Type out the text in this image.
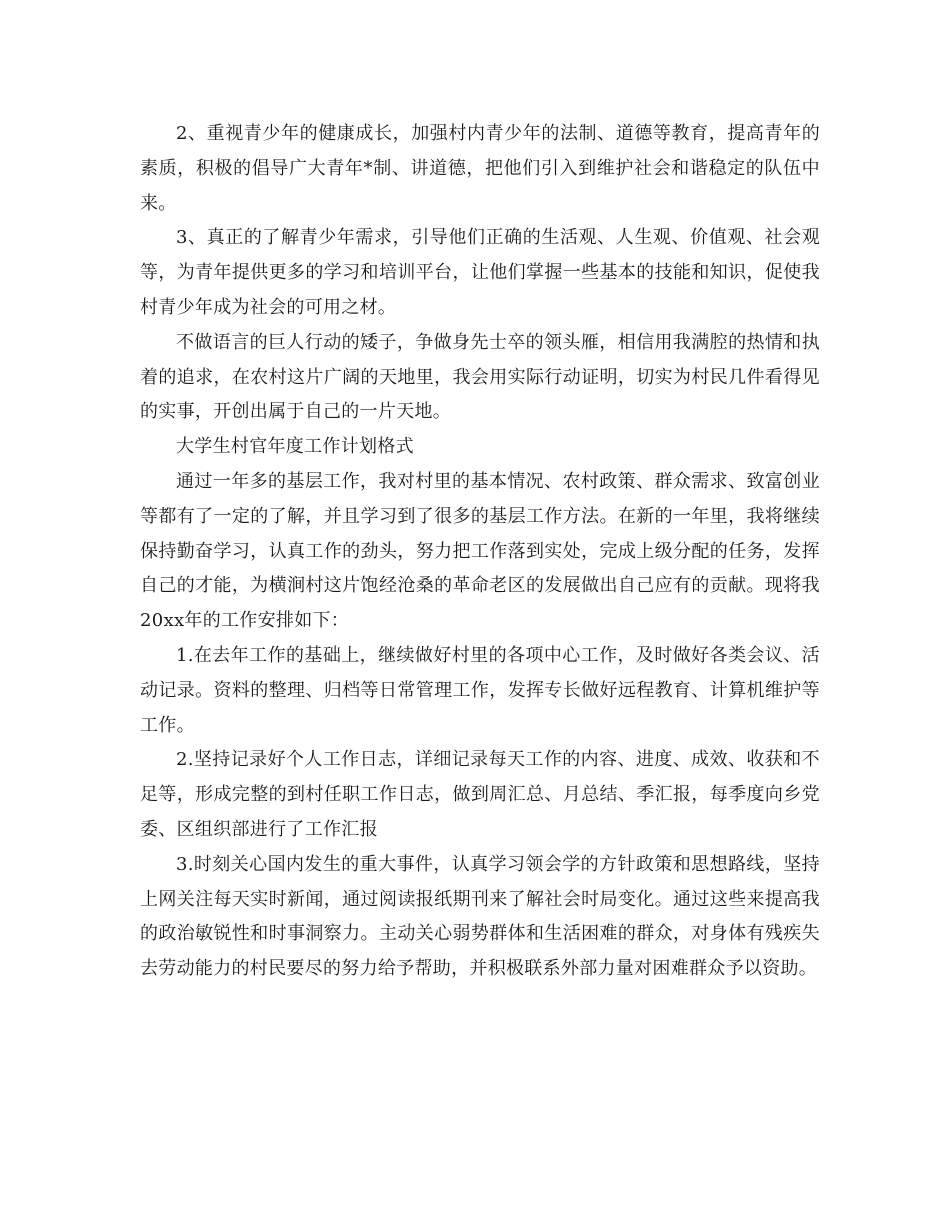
2、重视青少年的健康成长，加强村内青少年的法制、道德等教育，提高青年的素质，积极的倡导广大青年*制、讲道德，把他们引入到维护社会和谐稳定的队伍中来。

3、真正的了解青少年需求，引导他们正确的生活观、人生观、价值观、社会观等，为青年提供更多的学习和培训平台，让他们掌握一些基本的技能和知识，促使我村青少年成为社会的可用之材。

不做语言的巨人行动的矮子，争做身先士卒的领头雁，相信用我满腔的热情和执着的追求，在农村这片广阔的天地里，我会用实际行动证明，切实为村民几件看得见的实事，开创出属于自己的一片天地。

大学生村官年度工作计划格式

通过一年多的基层工作，我对村里的基本情况、农村政策、群众需求、致富创业等都有了一定的了解，并且学习到了很多的基层工作方法。在新的一年里，我将继续保持勤奋学习，认真工作的劲头，努力把工作落到实处，完成上级分配的任务，发挥自己的才能，为横涧村这片饱经沧桑的革命老区的发展做出自己应有的贡献。现将我20xx年的工作安排如下：

1.在去年工作的基础上，继续做好村里的各项中心工作，及时做好各类会议、活动记录。资料的整理、归档等日常管理工作，发挥专长做好远程教育、计算机维护等工作。

2.坚持记录好个人工作日志，详细记录每天工作的内容、进度、成效、收获和不足等，形成完整的到村任职工作日志，做到周汇总、月总结、季汇报，每季度向乡党委、区组织部进行了工作汇报

3.时刻关心国内发生的重大事件，认真学习领会学的方针政策和思想路线，坚持上网关注每天实时新闻，通过阅读报纸期刊来了解社会时局变化。通过这些来提高我的政治敏锐性和时事洞察力。主动关心弱势群体和生活困难的群众，对身体有残疾失去劳动能力的村民要尽的努力给予帮助，并积极联系外部力量对困难群众予以资助。
